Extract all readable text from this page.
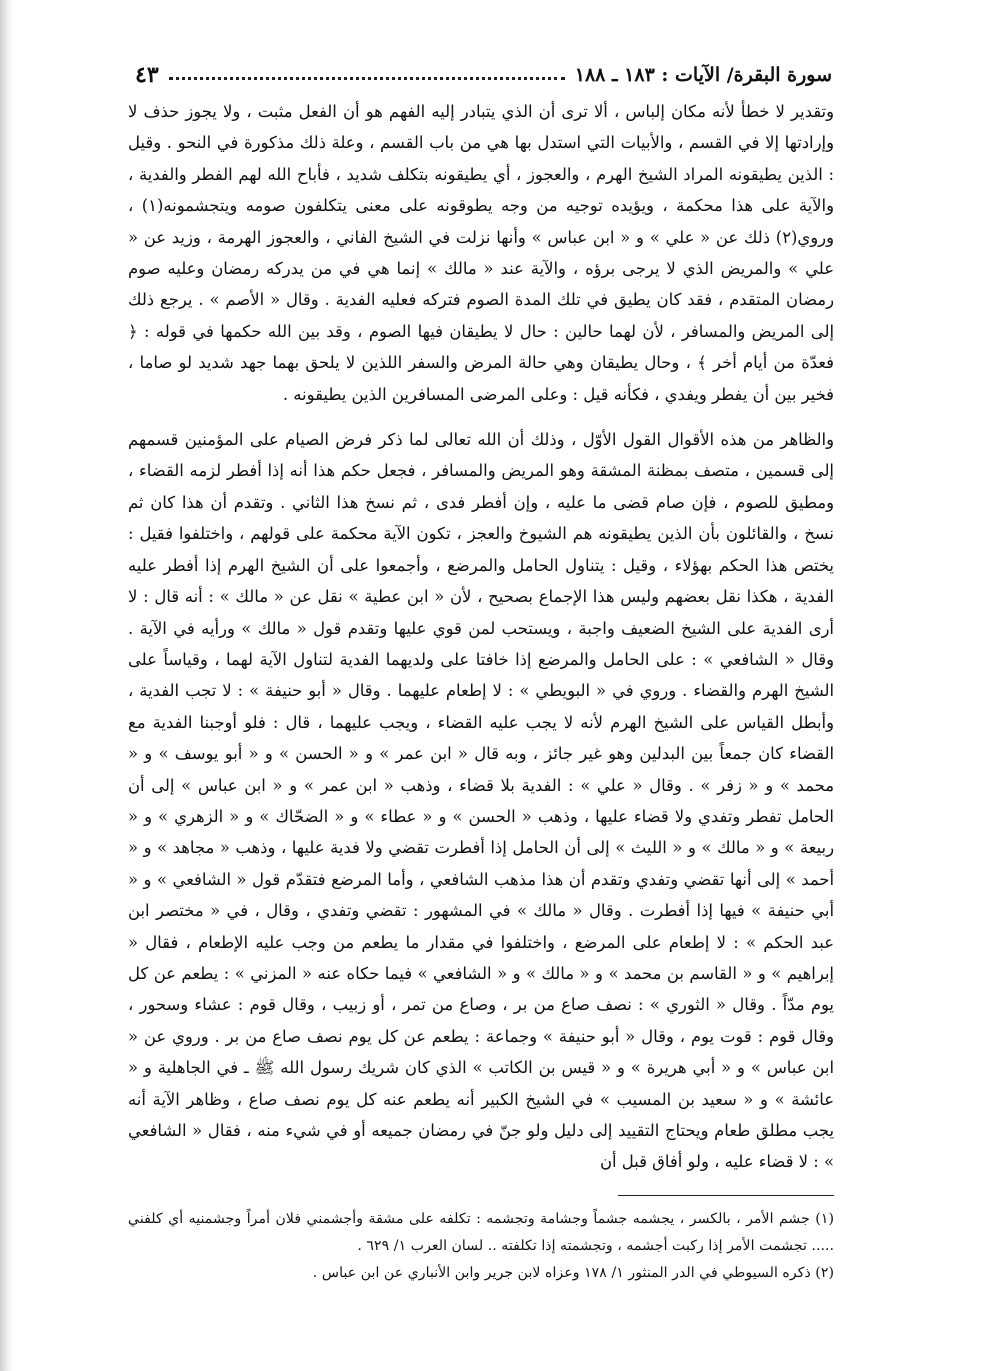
سورة البقرة/ الآيات : ١٨٣ ـ ١٨٨
٤٣

وتقدير لا خطأ لأنه مكان إلباس ، ألا ترى أن الذي يتبادر إليه الفهم هو أن الفعل مثبت ، ولا يجوز حذف لا وإرادتها إلا في القسم ، والأبيات التي استدل بها هي من باب القسم ، وعلة ذلك مذكورة في النحو . وقيل : الذين يطيقونه المراد الشيخ الهرم ، والعجوز ، أي يطيقونه بتكلف شديد ، فأباح الله لهم الفطر والفدية ، والآية على هذا محكمة ، ويؤيده توجيه من وجه يطوقونه على معنى يتكلفون صومه ويتجشمونه(١) ، وروي(٢) ذلك عن « علي » و « ابن عباس » وأنها نزلت في الشيخ الفاني ، والعجوز الهرمة ، وزيد عن « علي » والمريض الذي لا يرجى برؤه ، والآية عند « مالك » إنما هي في من يدركه رمضان وعليه صوم رمضان المتقدم ، فقد كان يطيق في تلك المدة الصوم فتركه فعليه الفدية . وقال « الأصم » . يرجع ذلك إلى المريض والمسافر ، لأن لهما حالين : حال لا يطيقان فيها الصوم ، وقد بين الله حكمها في قوله : ﴿ فعدّة من أيام أخر ﴾ ، وحال يطيقان وهي حالة المرض والسفر اللذين لا يلحق بهما جهد شديد لو صاما ، فخير بين أن يفطر ويفدي ، فكأنه قيل : وعلى المرضى المسافرين الذين يطيقونه .

والظاهر من هذه الأقوال القول الأوّل ، وذلك أن الله تعالى لما ذكر فرض الصيام على المؤمنين قسمهم إلى قسمين ، متصف بمظنة المشقة وهو المريض والمسافر ، فجعل حكم هذا أنه إذا أفطر لزمه القضاء ، ومطيق للصوم ، فإن صام قضى ما عليه ، وإن أفطر فدى ، ثم نسخ هذا الثاني . وتقدم أن هذا كان ثم نسخ ، والقائلون بأن الذين يطيقونه هم الشيوخ والعجز ، تكون الآية محكمة على قولهم ، واختلفوا فقيل : يختص هذا الحكم بهؤلاء ، وقيل : يتناول الحامل والمرضع ، وأجمعوا على أن الشيخ الهرم إذا أفطر عليه الفدية ، هكذا نقل بعضهم وليس هذا الإجماع بصحيح ، لأن « ابن عطية » نقل عن « مالك » : أنه قال : لا أرى الفدية على الشيخ الضعيف واجبة ، ويستحب لمن قوي عليها وتقدم قول « مالك » ورأيه في الآية . وقال « الشافعي » : على الحامل والمرضع إذا خافتا على ولديهما الفدية لتناول الآية لهما ، وقياساً على الشيخ الهرم والقضاء . وروي في « البويطي » : لا إطعام عليهما . وقال « أبو حنيفة » : لا تجب الفدية ، وأبطل القياس على الشيخ الهرم لأنه لا يجب عليه القضاء ، ويجب عليهما ، قال : فلو أوجبنا الفدية مع القضاء كان جمعاً بين البدلين وهو غير جائز ، وبه قال « ابن عمر » و « الحسن » و « أبو يوسف » و « محمد » و « زفر » . وقال « علي » : الفدية بلا قضاء ، وذهب « ابن عمر » و « ابن عباس » إلى أن الحامل تفطر وتفدي ولا قضاء عليها ، وذهب « الحسن » و « عطاء » و « الضحّاك » و « الزهري » و « ربيعة » و « مالك » و « الليث » إلى أن الحامل إذا أفطرت تقضي ولا فدية عليها ، وذهب « مجاهد » و « أحمد » إلى أنها تقضي وتفدي وتقدم أن هذا مذهب الشافعي ، وأما المرضع فتقدّم قول « الشافعي » و « أبي حنيفة » فيها إذا أفطرت . وقال « مالك » في المشهور : تقضي وتفدي ، وقال ، في « مختصر ابن عبد الحكم » : لا إطعام على المرضع ، واختلفوا في مقدار ما يطعم من وجب عليه الإطعام ، فقال « إبراهيم » و « القاسم بن محمد » و « مالك » و « الشافعي » فيما حكاه عنه « المزني » : يطعم عن كل يوم مدّاً . وقال « الثوري » : نصف صاع من بر ، وصاع من تمر ، أو زبيب ، وقال قوم : عشاء وسحور ، وقال قوم : قوت يوم ، وقال « أبو حنيفة » وجماعة : يطعم عن كل يوم نصف صاع من بر . وروي عن « ابن عباس » و « أبي هريرة » و « قيس بن الكاتب » الذي كان شريك رسول الله ﷺ ـ في الجاهلية و « عائشة » و « سعيد بن المسيب » في الشيخ الكبير أنه يطعم عنه كل يوم نصف صاع ، وظاهر الآية أنه يجب مطلق طعام ويحتاج التقييد إلى دليل ولو جنّ في رمضان جميعه أو في شيء منه ، فقال « الشافعي » : لا قضاء عليه ، ولو أفاق قبل أن

(١) جشم الأمر ، بالكسر ، يجشمه جشماً وجشامة وتجشمه : تكلفه على مشقة وأجشمني فلان أمراً وجشمنيه أي كلفني ..... تجشمت الأمر إذا ركبت أجشمه ، وتجشمته إذا تكلفته .. لسان العرب ١/ ٦٢٩ .
(٢) ذكره السيوطي في الدر المنثور ١/ ١٧٨ وعزاه لابن جرير وابن الأنباري عن ابن عباس .
